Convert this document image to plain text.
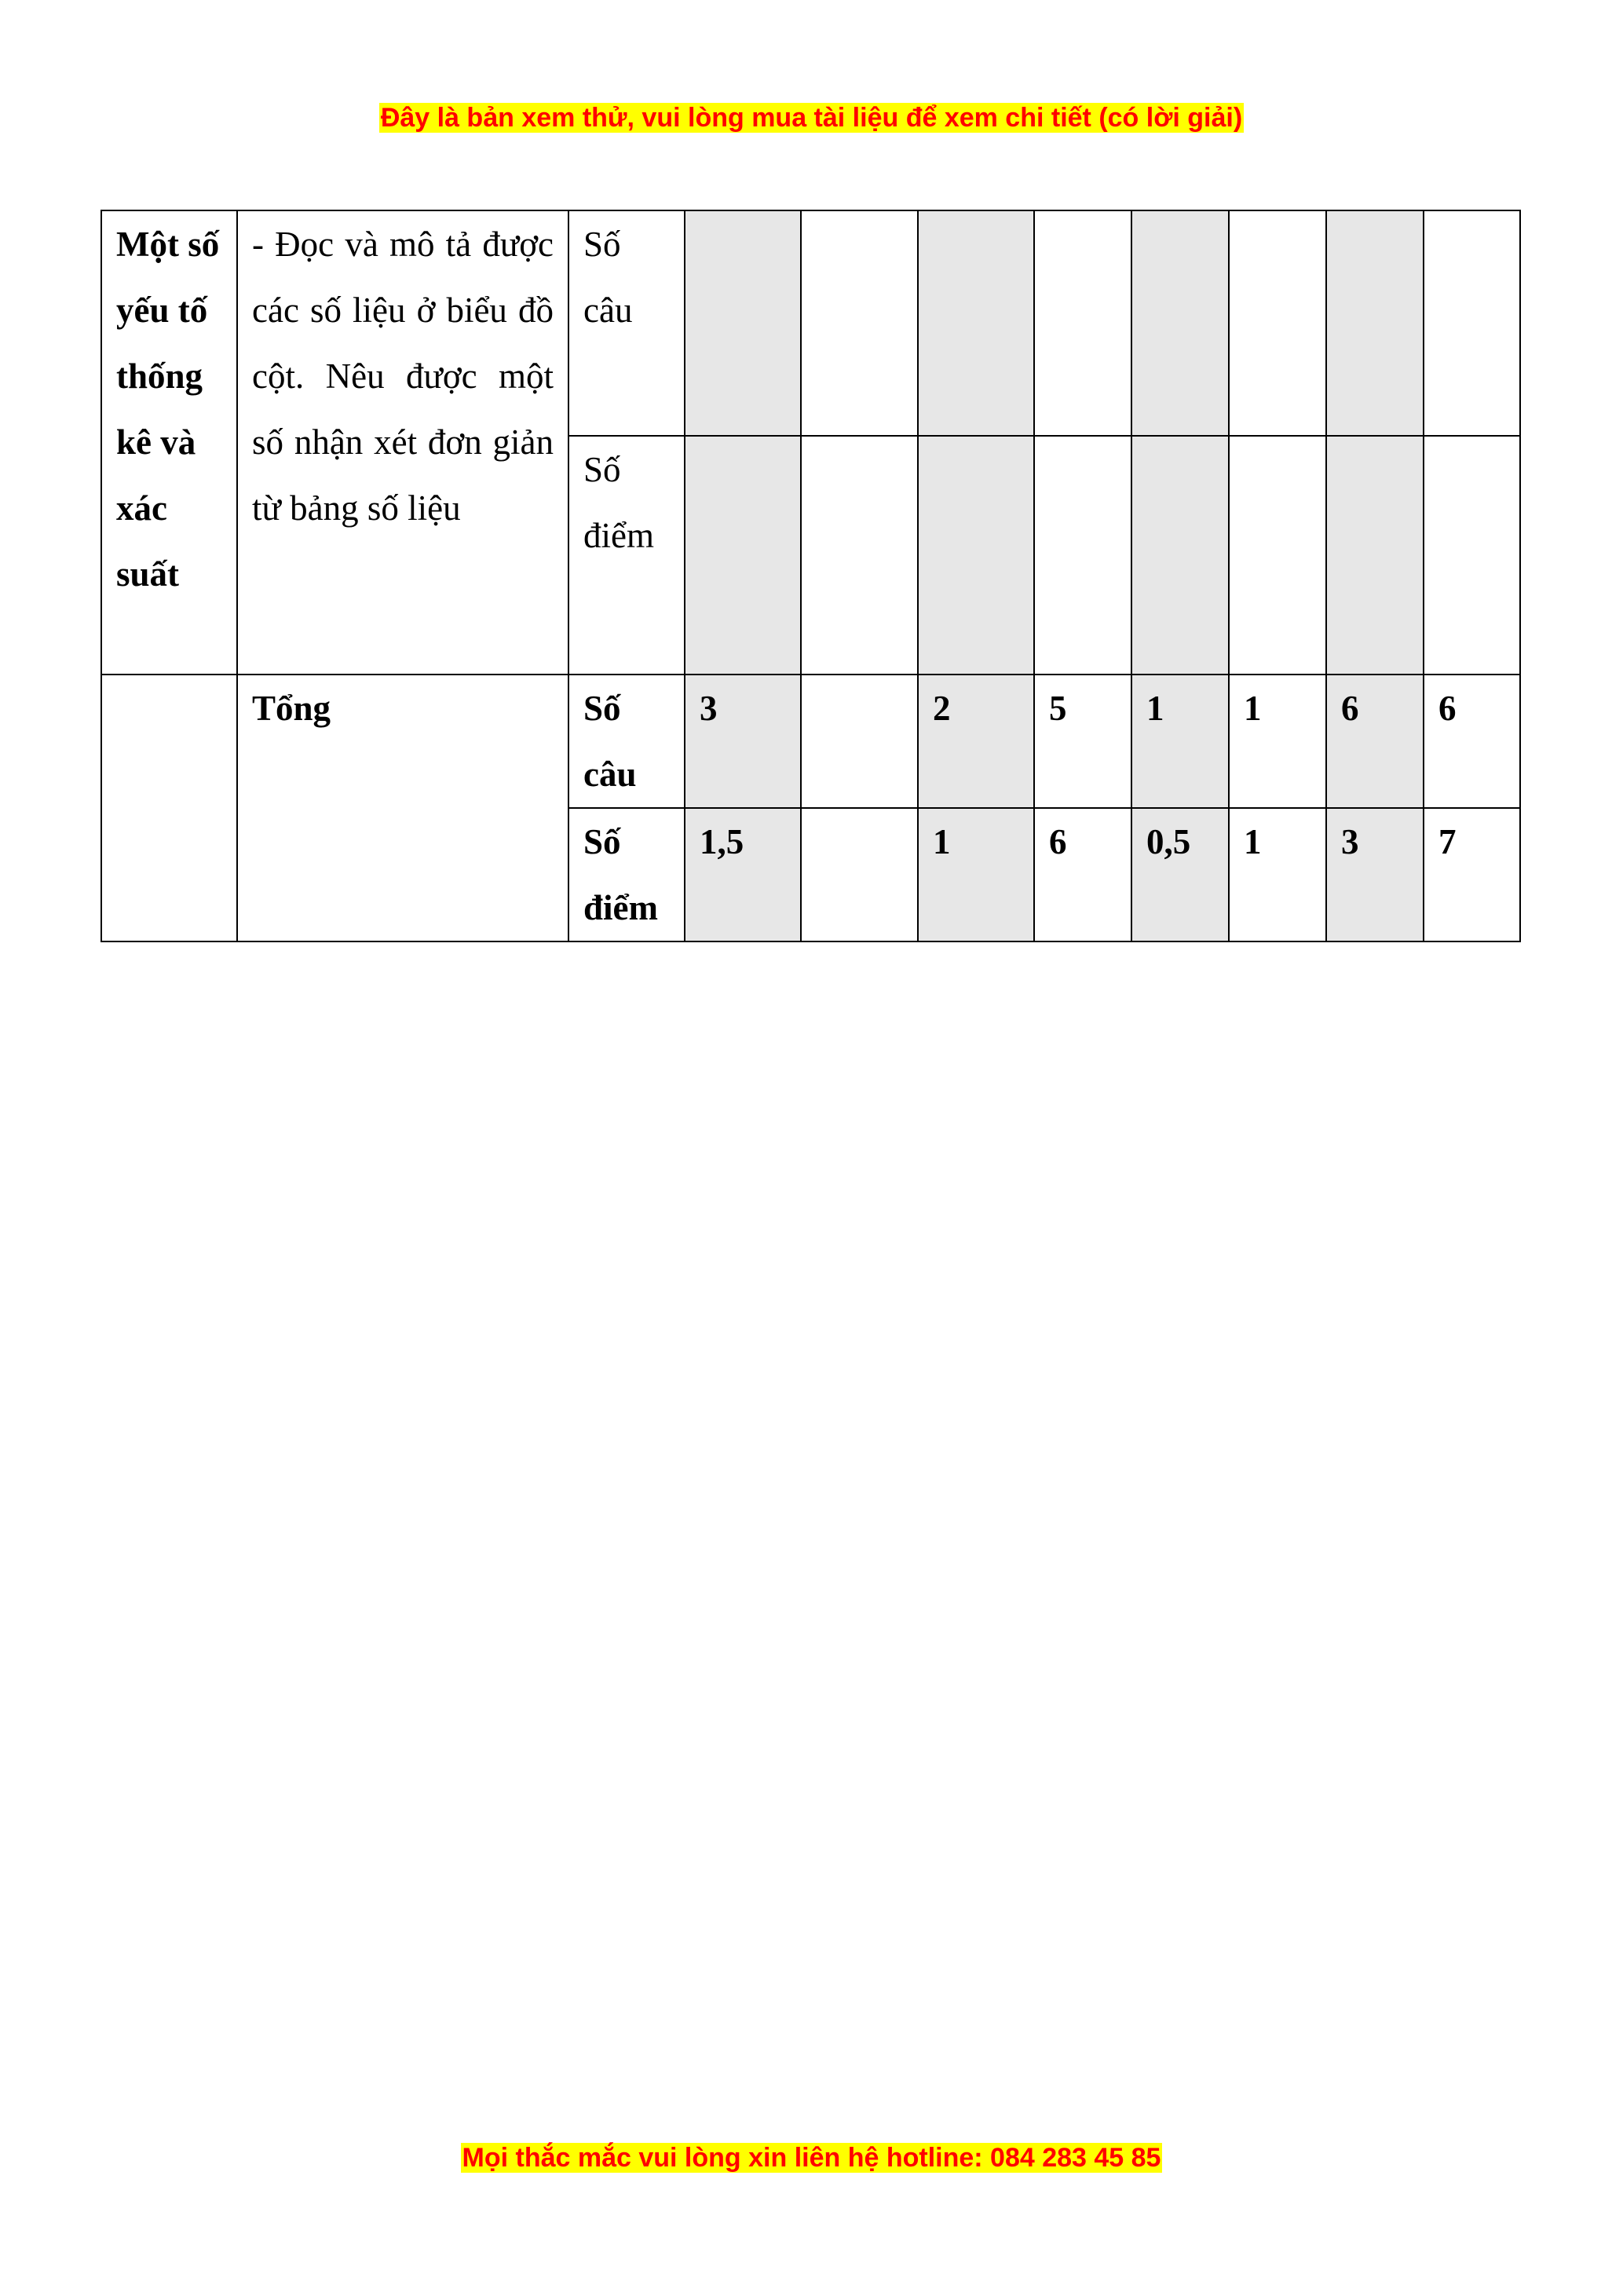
Đây là bản xem thử, vui lòng mua tài liệu để xem chi tiết (có lời giải)
Một số yếu tố thống kê và xác suất	- Đọc và mô tả được các số liệu ở biểu đồ cột. Nêu được một số nhận xét đơn giản từ bảng số liệu	Số câu								
		Số điểm								
	Tổng	Số câu	3		2	5	1	1	6	6
		Số điểm	1,5		1	6	0,5	1	3	7
Mọi thắc mắc vui lòng xin liên hệ hotline: 084 283 45 85
